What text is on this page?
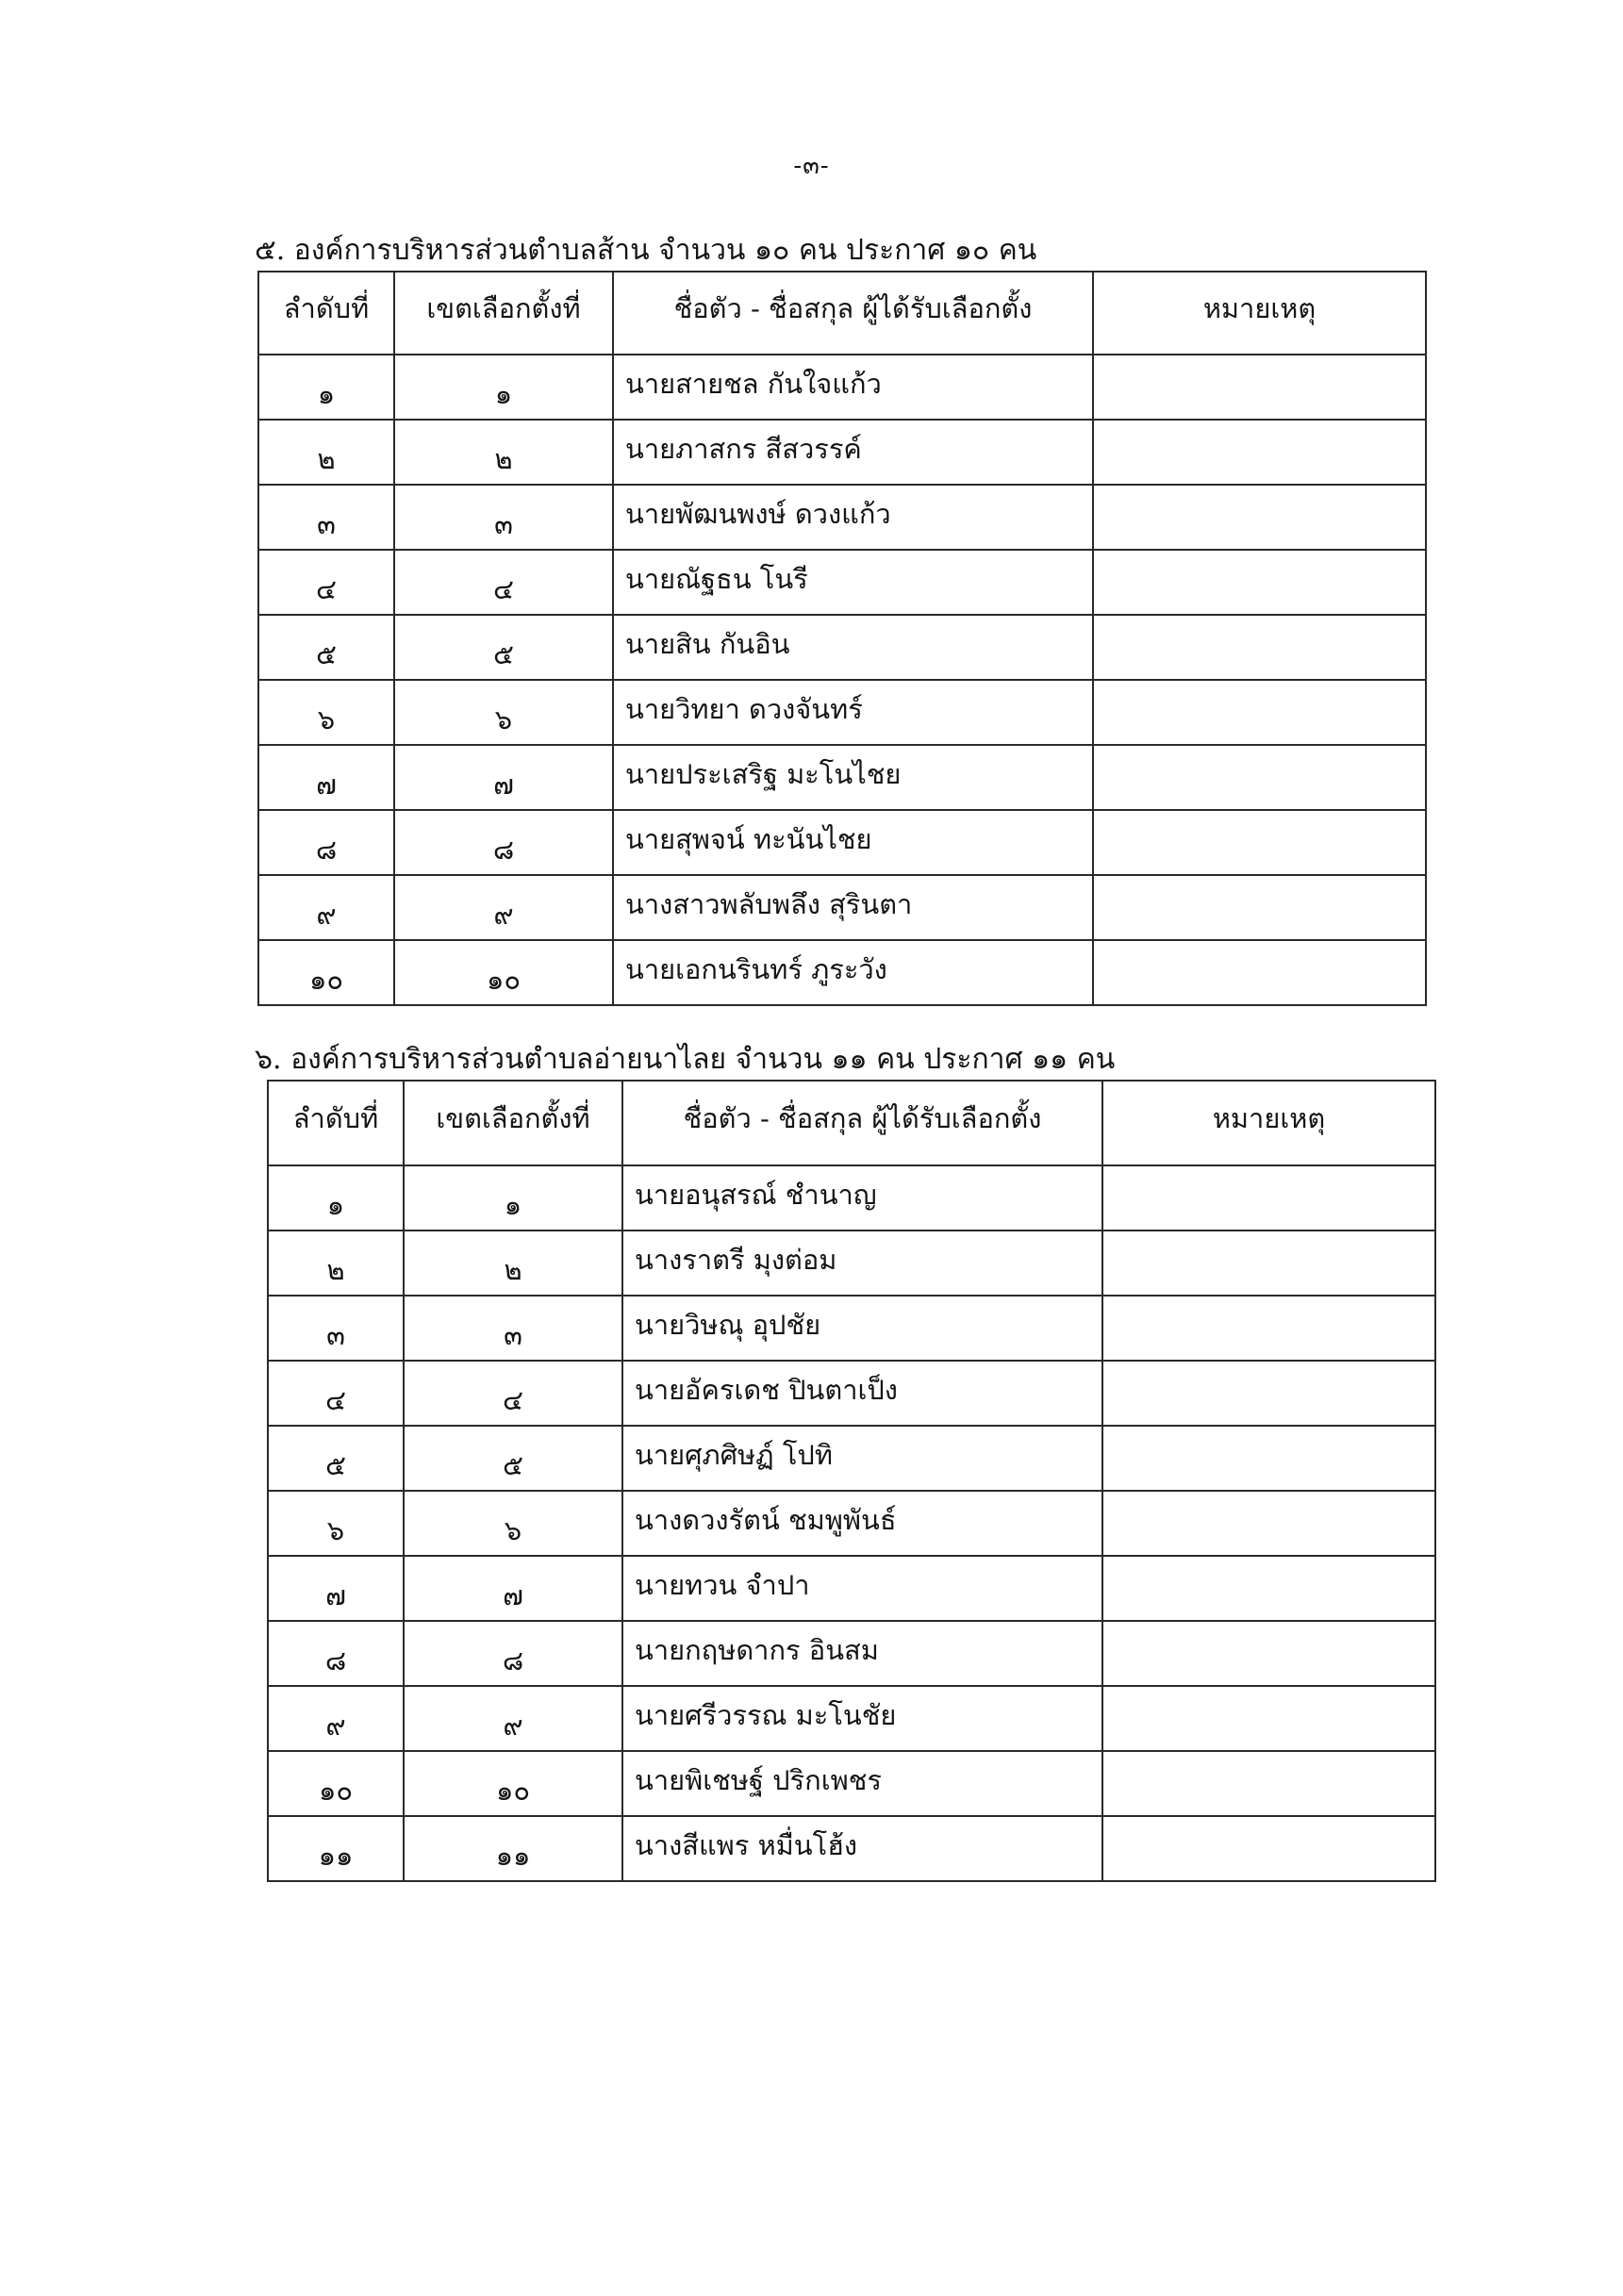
-๓-
๕. องค์การบริหารส่วนตำบลส้าน จำนวน ๑๐ คน ประกาศ ๑๐ คน
ลำดับที่	เขตเลือกตั้งที่	ชื่อตัว - ชื่อสกุล ผู้ได้รับเลือกตั้ง	หมายเหตุ
๑	๑	นายสายชล กันใจแก้ว	
๒	๒	นายภาสกร สีสวรรค์	
๓	๓	นายพัฒนพงษ์ ดวงแก้ว	
๔	๔	นายณัฐธน โนรี	
๕	๕	นายสิน กันอิน	
๖	๖	นายวิทยา ดวงจันทร์	
๗	๗	นายประเสริฐ มะโนไชย	
๘	๘	นายสุพจน์ ทะนันไชย	
๙	๙	นางสาวพลับพลึง สุรินตา	
๑๐	๑๐	นายเอกนรินทร์ ภูระวัง	
๖. องค์การบริหารส่วนตำบลอ่ายนาไลย จำนวน ๑๑ คน ประกาศ ๑๑ คน
ลำดับที่	เขตเลือกตั้งที่	ชื่อตัว - ชื่อสกุล ผู้ได้รับเลือกตั้ง	หมายเหตุ
๑	๑	นายอนุสรณ์ ชำนาญ	
๒	๒	นางราตรี มุงต่อม	
๓	๓	นายวิษณุ อุปชัย	
๔	๔	นายอัครเดช ปินตาเป็ง	
๕	๕	นายศุภศิษฏ์ โปทิ	
๖	๖	นางดวงรัตน์ ชมพูพันธ์	
๗	๗	นายทวน จำปา	
๘	๘	นายกฤษดากร อินสม	
๙	๙	นายศรีวรรณ มะโนชัย	
๑๐	๑๐	นายพิเชษฐ์ ปริกเพชร	
๑๑	๑๑	นางสีแพร หมื่นโฮ้ง	
